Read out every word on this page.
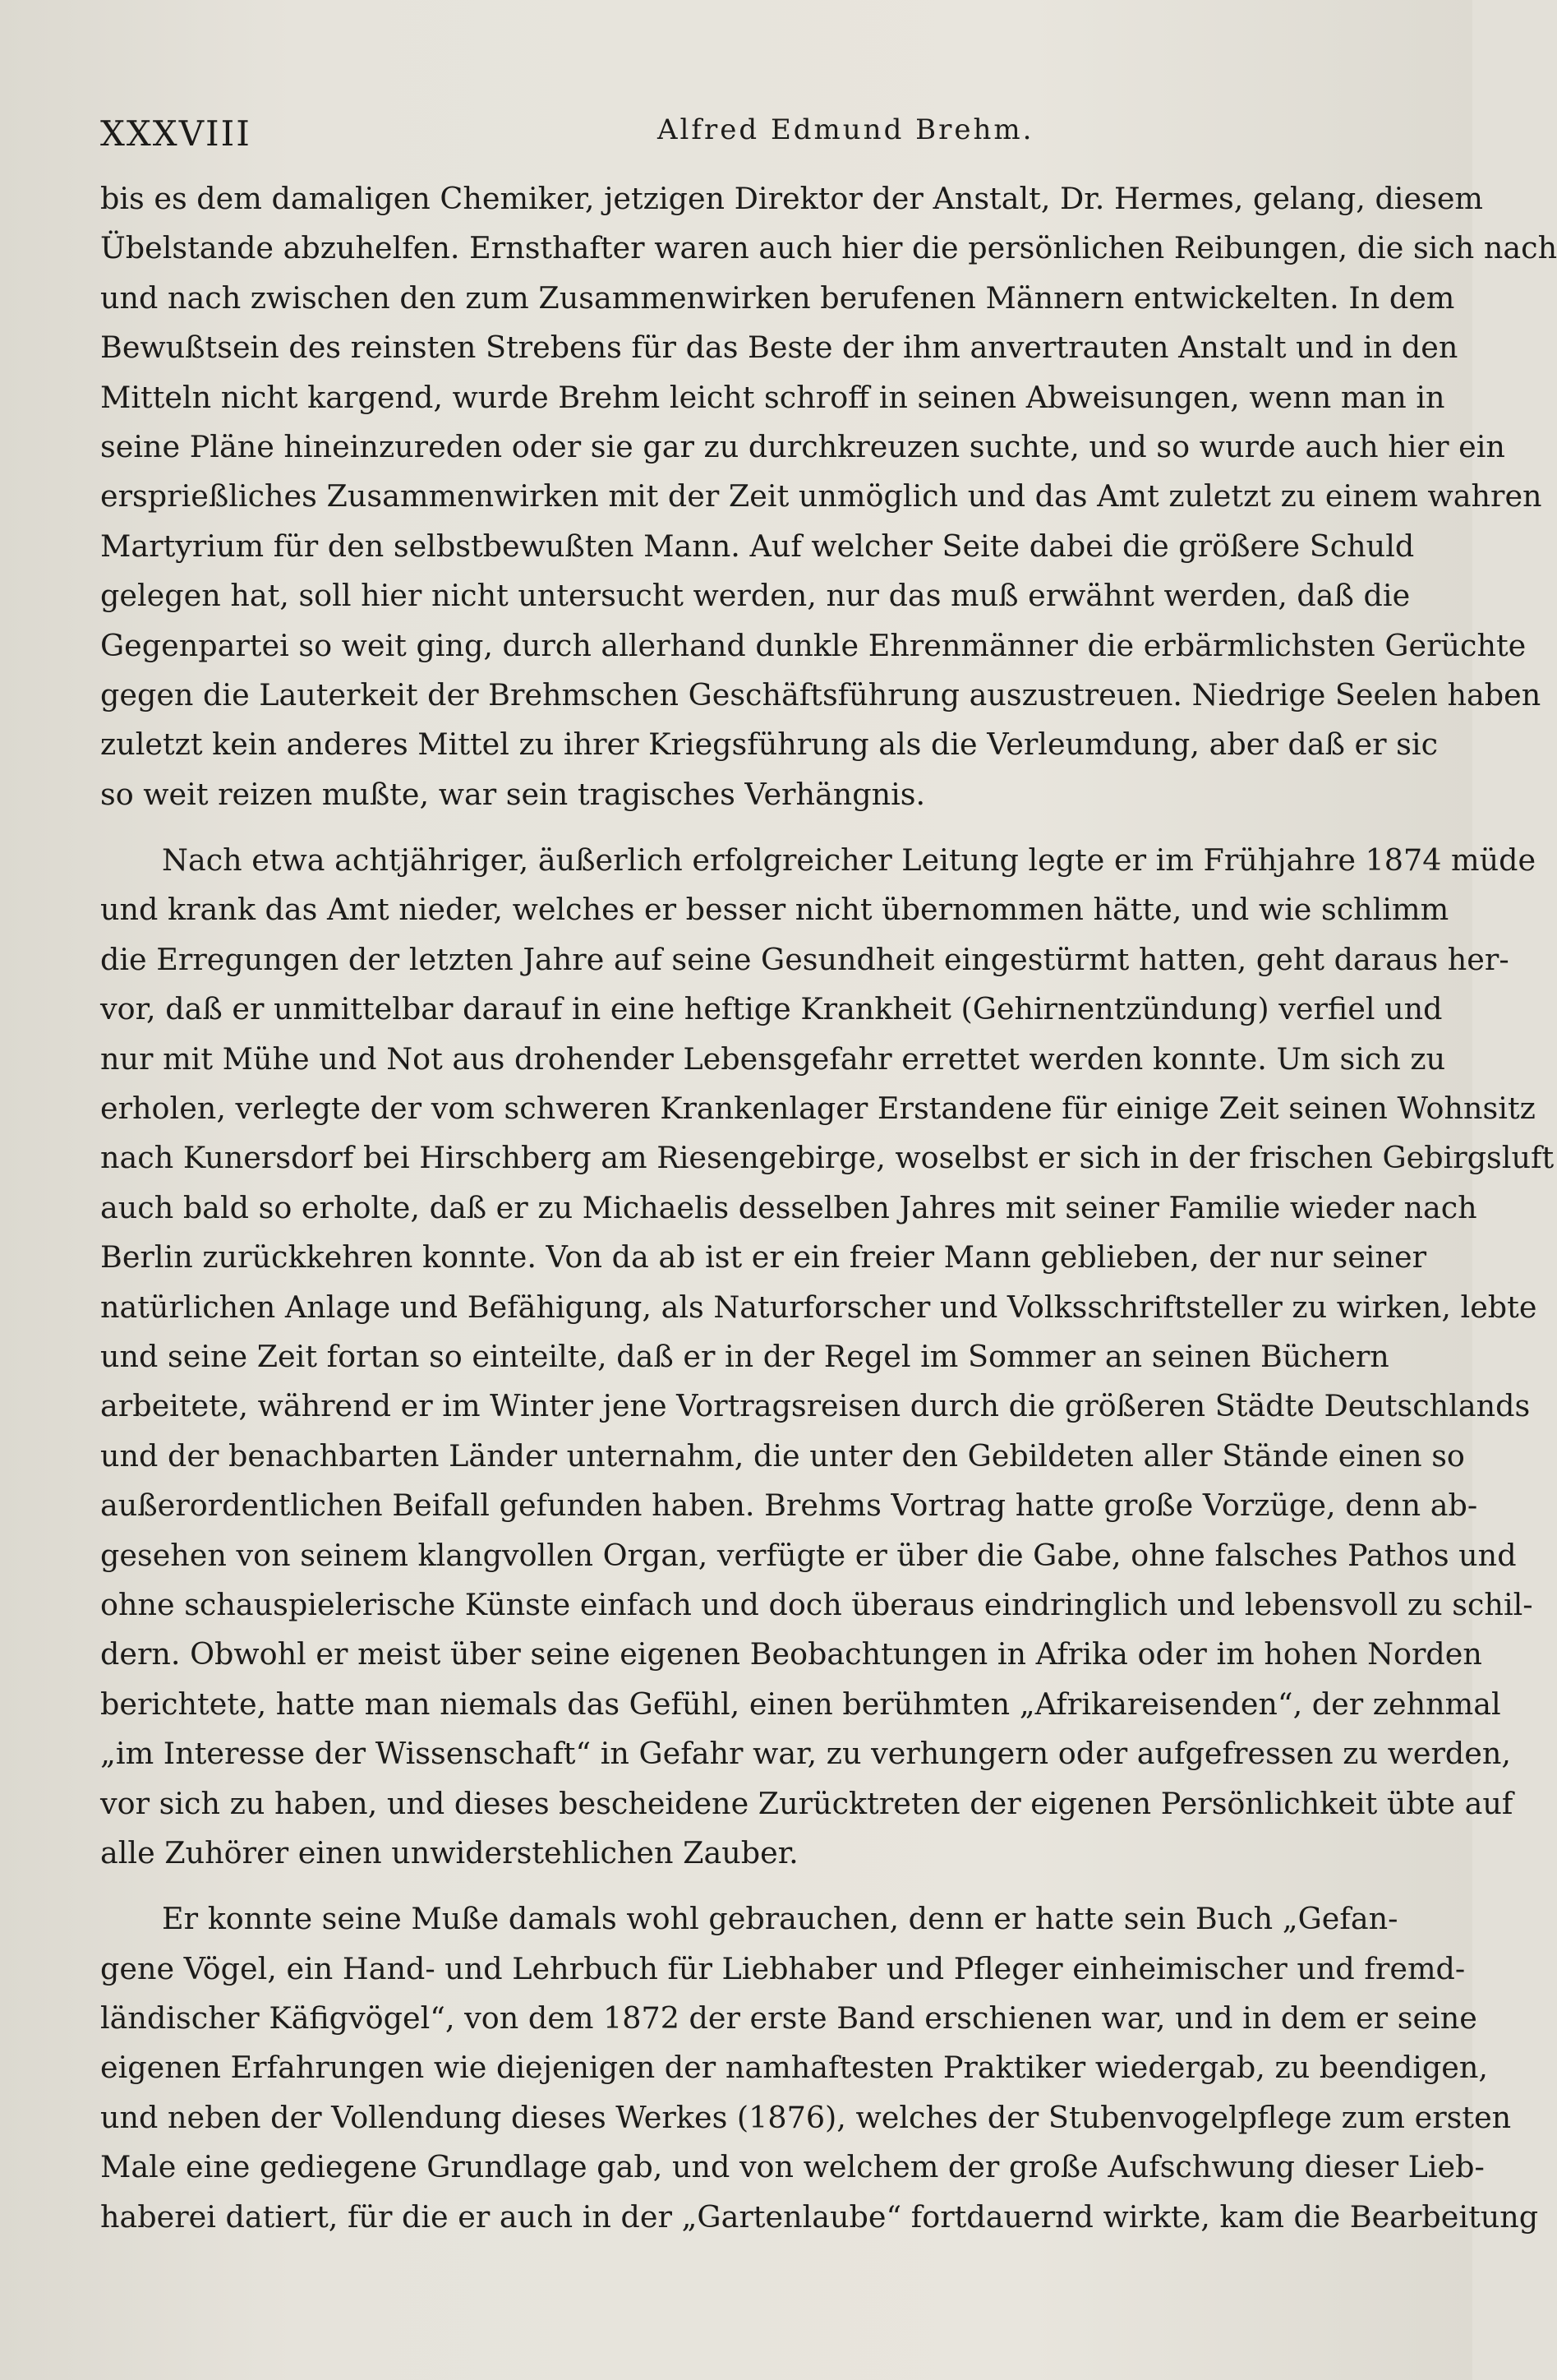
XXXVIII	Alfred Edmund Brehm.
bis es dem damaligen Chemiker, jetzigen Direktor der Anstalt, Dr. Hermes, gelang, diesem
Übelstande abzuhelfen. Ernsthafter waren auch hier die persönlichen Reibungen, die sich nach
und nach zwischen den zum Zusammenwirken berufenen Männern entwickelten. In dem
Bewußtsein des reinsten Strebens für das Beste der ihm anvertrauten Anstalt und in den
Mitteln nicht kargend, wurde Brehm leicht schroff in seinen Abweisungen, wenn man in
seine Pläne hineinzureden oder sie gar zu durchkreuzen suchte, und so wurde auch hier ein
ersprießliches Zusammenwirken mit der Zeit unmöglich und das Amt zuletzt zu einem wahren
Martyrium für den selbstbewußten Mann. Auf welcher Seite dabei die größere Schuld
gelegen hat, soll hier nicht untersucht werden, nur das muß erwähnt werden, daß die
Gegenpartei so weit ging, durch allerhand dunkle Ehrenmänner die erbärmlichsten Gerüchte
gegen die Lauterkeit der Brehmschen Geschäftsführung auszustreuen. Niedrige Seelen haben
zuletzt kein anderes Mittel zu ihrer Kriegsführung als die Verleumdung, aber daß er sic
so weit reizen mußte, war sein tragisches Verhängnis.
Nach etwa achtjähriger, äußerlich erfolgreicher Leitung legte er im Frühjahre 1874 müde
und krank das Amt nieder, welches er besser nicht übernommen hätte, und wie schlimm
die Erregungen der letzten Jahre auf seine Gesundheit eingestürmt hatten, geht daraus her-
vor, daß er unmittelbar darauf in eine heftige Krankheit (Gehirnentzündung) verfiel und
nur mit Mühe und Not aus drohender Lebensgefahr errettet werden konnte. Um sich zu
erholen, verlegte der vom schweren Krankenlager Erstandene für einige Zeit seinen Wohnsitz
nach Kunersdorf bei Hirschberg am Riesengebirge, woselbst er sich in der frischen Gebirgsluft
auch bald so erholte, daß er zu Michaelis desselben Jahres mit seiner Familie wieder nach
Berlin zurückkehren konnte. Von da ab ist er ein freier Mann geblieben, der nur seiner
natürlichen Anlage und Befähigung, als Naturforscher und Volksschriftsteller zu wirken, lebte
und seine Zeit fortan so einteilte, daß er in der Regel im Sommer an seinen Büchern
arbeitete, während er im Winter jene Vortragsreisen durch die größeren Städte Deutschlands
und der benachbarten Länder unternahm, die unter den Gebildeten aller Stände einen so
außerordentlichen Beifall gefunden haben. Brehms Vortrag hatte große Vorzüge, denn ab-
gesehen von seinem klangvollen Organ, verfügte er über die Gabe, ohne falsches Pathos und
ohne schauspielerische Künste einfach und doch überaus eindringlich und lebensvoll zu schil-
dern. Obwohl er meist über seine eigenen Beobachtungen in Afrika oder im hohen Norden
berichtete, hatte man niemals das Gefühl, einen berühmten „Afrikareisenden“, der zehnmal
„im Interesse der Wissenschaft“ in Gefahr war, zu verhungern oder aufgefressen zu werden,
vor sich zu haben, und dieses bescheidene Zurücktreten der eigenen Persönlichkeit übte auf
alle Zuhörer einen unwiderstehlichen Zauber.
Er konnte seine Muße damals wohl gebrauchen, denn er hatte sein Buch „Gefan-
gene Vögel, ein Hand- und Lehrbuch für Liebhaber und Pfleger einheimischer und fremd-
ländischer Käfigvögel“, von dem 1872 der erste Band erschienen war, und in dem er seine
eigenen Erfahrungen wie diejenigen der namhaftesten Praktiker wiedergab, zu beendigen,
und neben der Vollendung dieses Werkes (1876), welches der Stubenvogelpflege zum ersten
Male eine gediegene Grundlage gab, und von welchem der große Aufschwung dieser Lieb-
haberei datiert, für die er auch in der „Gartenlaube“ fortdauernd wirkte, kam die Bearbeitung
